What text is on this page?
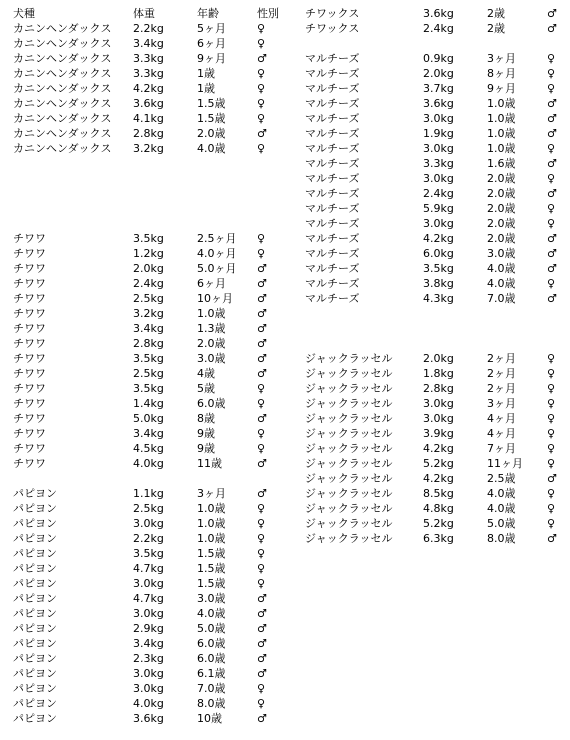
犬種	体重	年齢	性別
カニンヘンダックス 2.2kg	5ヶ月	♀
カニンヘンダックス 3.4kg	6ヶ月	♀
カニンヘンダックス 3.3kg	9ヶ月	♂
カニンヘンダックス 3.3kg	1歳	♀
カニンヘンダックス 4.2kg	1歳	♀
カニンヘンダックス 3.6kg	1.5歳	♀
カニンヘンダックス 4.1kg	1.5歳	♀
カニンヘンダックス 2.8kg	2.0歳	♂
カニンヘンダックス 3.2kg	4.0歳	♀
チワワ	3.5kg	2.5ヶ月 ♀
チワワ	1.2kg	4.0ヶ月 ♀
チワワ	2.0kg	5.0ヶ月 ♂
チワワ	2.4kg	6ヶ月	♂
チワワ	2.5kg	10ヶ月 ♂
チワワ	3.2kg	1.0歳	♂
チワワ	3.4kg	1.3歳	♂
チワワ	2.8kg	2.0歳	♂
チワワ	3.5kg	3.0歳	♂
チワワ	2.5kg	4歳	♂
チワワ	3.5kg	5歳	♀
チワワ	1.4kg	6.0歳	♀
チワワ	5.0kg	8歳	♂
チワワ	3.4kg	9歳	♀
チワワ	4.5kg	9歳	♀
チワワ	4.0kg	11歳	♂
パピヨン	1.1kg	3ヶ月	♂
パピヨン	2.5kg	1.0歳	♀
パピヨン	3.0kg	1.0歳	♀
パピヨン	2.2kg	1.0歳	♀
パピヨン	3.5kg	1.5歳	♀
パピヨン	4.7kg	1.5歳	♀
パピヨン	3.0kg	1.5歳	♀
パピヨン	4.7kg	3.0歳	♂
パピヨン	3.0kg	4.0歳	♂
パピヨン	2.9kg	5.0歳	♂
パピヨン	3.4kg	6.0歳	♂
パピヨン	2.3kg	6.0歳	♂
パピヨン	3.0kg	6.1歳	♂
パピヨン	3.0kg	7.0歳	♀
パピヨン	4.0kg	8.0歳	♀
パピヨン	3.6kg	10歳	♂
チワックス	3.6kg	2歳	♂
チワックス	2.4kg	2歳	♂
マルチーズ	0.9kg	3ヶ月	♀
マルチーズ	2.0kg	8ヶ月	♀
マルチーズ	3.7kg	9ヶ月	♀
マルチーズ	3.6kg	1.0歳	♂
マルチーズ	3.0kg	1.0歳	♂
マルチーズ	1.9kg	1.0歳	♂
マルチーズ	3.0kg	1.0歳	♀
マルチーズ	3.3kg	1.6歳	♂
マルチーズ	3.0kg	2.0歳	♀
マルチーズ	2.4kg	2.0歳	♂
マルチーズ	5.9kg	2.0歳	♀
マルチーズ	3.0kg	2.0歳	♀
マルチーズ	4.2kg	2.0歳	♂
マルチーズ	6.0kg	3.0歳	♂
マルチーズ	3.5kg	4.0歳	♂
マルチーズ	3.8kg	4.0歳	♀
マルチーズ	4.3kg	7.0歳	♂
ジャックラッセル	2.0kg	2ヶ月	♀
ジャックラッセル	1.8kg	2ヶ月	♀
ジャックラッセル	2.8kg	2ヶ月	♀
ジャックラッセル	3.0kg	3ヶ月	♀
ジャックラッセル	3.0kg	4ヶ月	♀
ジャックラッセル	3.9kg	4ヶ月	♀
ジャックラッセル	4.2kg	7ヶ月	♀
ジャックラッセル	5.2kg	11ヶ月 ♀
ジャックラッセル	4.2kg	2.5歳	♂
ジャックラッセル	8.5kg	4.0歳	♀
ジャックラッセル	4.8kg	4.0歳	♀
ジャックラッセル	5.2kg	5.0歳	♀
ジャックラッセル	6.3kg	8.0歳	♂
